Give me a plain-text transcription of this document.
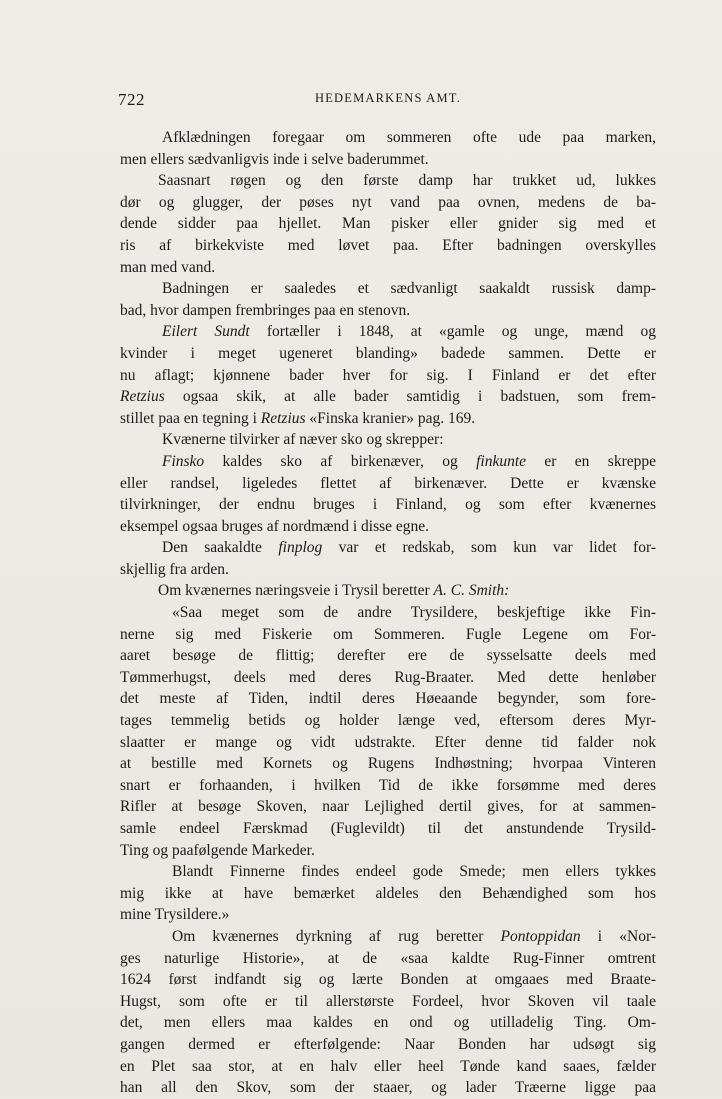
722	HEDEMARKENS AMT.
Afklædningen foregaar om sommeren ofte ude paa marken,
men ellers sædvanligvis inde i selve baderummet.
Saasnart røgen og den første damp har trukket ud, lukkes
dør og glugger, der pøses nyt vand paa ovnen, medens de ba-
dende sidder paa hjellet. Man pisker eller gnider sig med et
ris af birkekviste med løvet paa. Efter badningen overskylles
man med vand.
Badningen er saaledes et sædvanligt saakaldt russisk damp-
bad, hvor dampen frembringes paa en stenovn.
Eilert Sundt fortæller i 1848, at «gamle og unge, mænd og
kvinder i meget ugeneret blanding» badede sammen. Dette er
nu aflagt; kjønnene bader hver for sig. I Finland er det efter
Retzius ogsaa skik, at alle bader samtidig i badstuen, som frem-
stillet paa en tegning i Retzius «Finska kranier» pag. 169.
Kvænerne tilvirker af næver sko og skrepper:
Finsko kaldes sko af birkenæver, og finkunte er en skreppe
eller randsel, ligeledes flettet af birkenæver. Dette er kvænske
tilvirkninger, der endnu bruges i Finland, og som efter kvænernes
eksempel ogsaa bruges af nordmænd i disse egne.
Den saakaldte finplog var et redskab, som kun var lidet for-
skjellig fra arden.
Om kvænernes næringsveie i Trysil beretter A. C. Smith:
«Saa meget som de andre Trysildere, beskjeftige ikke Fin-
nerne sig med Fiskerie om Sommeren. Fugle Legene om For-
aaret besøge de flittig; derefter ere de sysselsatte deels med
Tømmerhugst, deels med deres Rug-Braater. Med dette henløber
det meste af Tiden, indtil deres Høeaande begynder, som fore-
tages temmelig betids og holder længe ved, eftersom deres Myr-
slaatter er mange og vidt udstrakte. Efter denne tid falder nok
at bestille med Kornets og Rugens Indhøstning; hvorpaa Vinteren
snart er forhaanden, i hvilken Tid de ikke forsømme med deres
Rifler at besøge Skoven, naar Lejlighed dertil gives, for at sammen-
samle endeel Færskmad (Fuglevildt) til det anstundende Trysild-
Ting og paafølgende Markeder.
Blandt Finnerne findes endeel gode Smede; men ellers tykkes
mig ikke at have bemærket aldeles den Behændighed som hos
mine Trysildere.»
Om kvænernes dyrkning af rug beretter Pontoppidan i «Nor-
ges naturlige Historie», at de «saa kaldte Rug-Finner omtrent
1624 først indfandt sig og lærte Bonden at omgaaes med Braate-
Hugst, som ofte er til allerstørste Fordeel, hvor Skoven vil taale
det, men ellers maa kaldes en ond og utilladelig Ting. Om-
gangen dermed er efterfølgende: Naar Bonden har udsøgt sig
en Plet saa stor, at en halv eller heel Tønde kand saaes, fælder
han all den Skov, som der staaer, og lader Træerne ligge paa
